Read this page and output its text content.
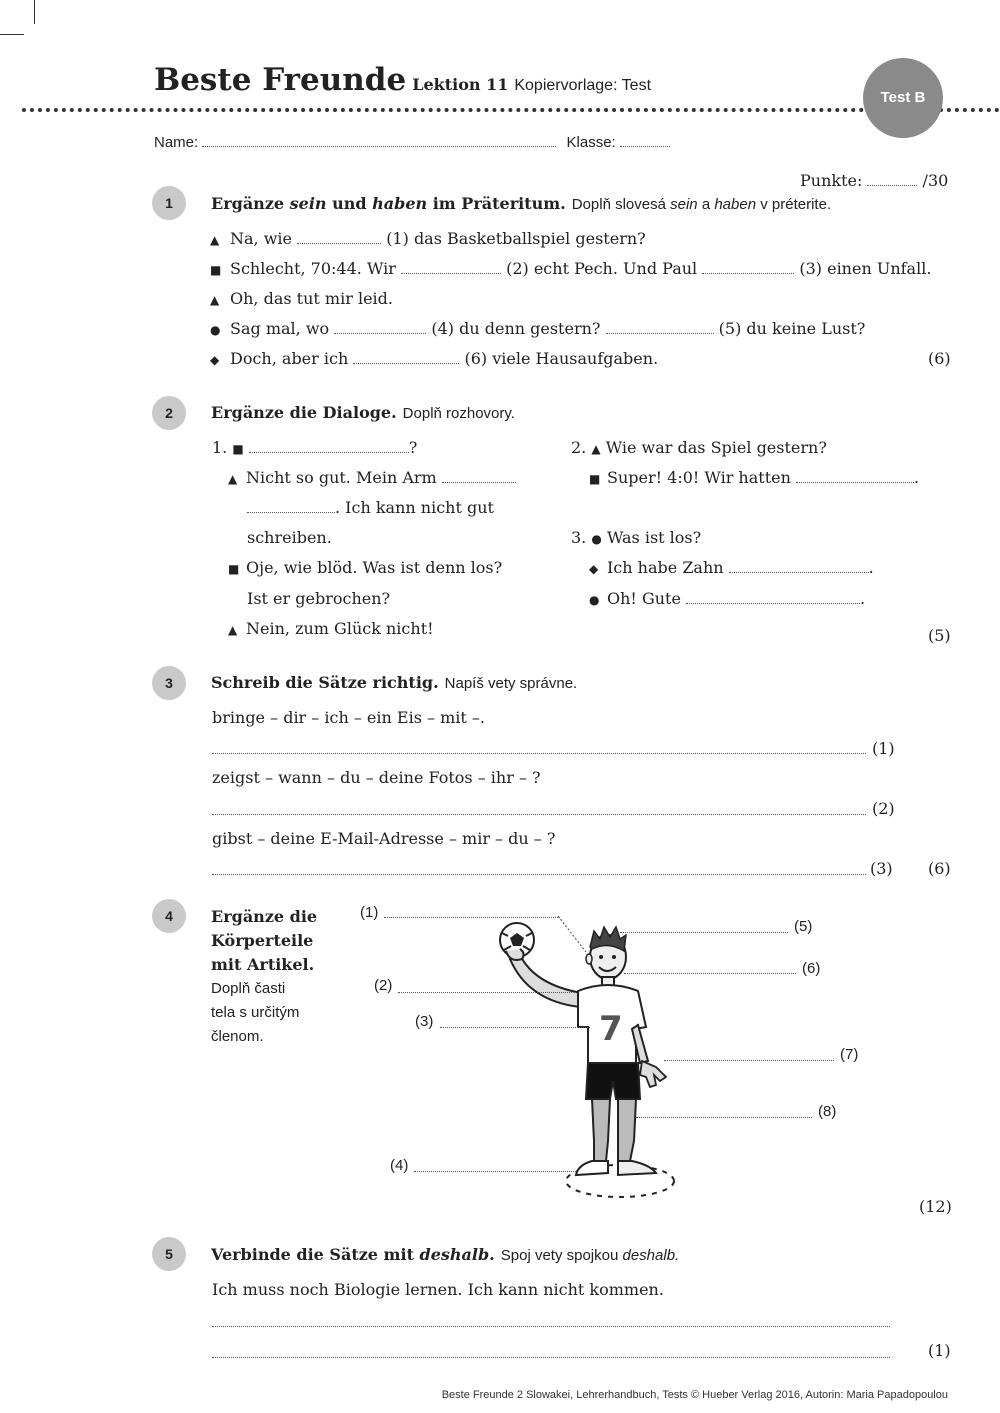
Beste Freunde Lektion 11 Kopiervorlage: Test
Test B
Name:	Klasse:
Punkte:	/30
1	Ergänze sein und haben im Präteritum. Doplň slovesá sein a haben v préterite.
▲ Na, wie	(1) das Basketballspiel gestern?
■ Schlecht, 70:44. Wir	(2) echt Pech. Und Paul	(3) einen Unfall.
▲ Oh, das tut mir leid.
● Sag mal, wo	(4) du denn gestern?	(5) du keine Lust?
◆ Doch, aber ich	(6) viele Hausaufgaben.	(6)
2	Ergänze die Dialoge. Doplň rozhovory.
1. ■	?
▲ Nicht so gut. Mein Arm
. Ich kann nicht gut
schreiben.
■ Oje, wie blöd. Was ist denn los?
Ist er gebrochen?
▲ Nein, zum Glück nicht!
2. ▲ Wie war das Spiel gestern?
■ Super! 4:0! Wir hatten	.
3. ● Was ist los?
◆ Ich habe Zahn	.
● Oh! Gute	.
(5)
3	Schreib die Sätze richtig. Napíš vety správne.
bringe – dir – ich – ein Eis – mit –.
(1)
zeigst – wann – du – deine Fotos – ihr – ?
(2)
gibst – deine E-Mail-Adresse – mir – du – ?
(3) (6)
4	Ergänze die
Körperteile
mit Artikel.
Doplň časti
tela s určitým
členom.	7
(1)
(2)
(3)
(4)
(5)
(6)
(7)
(8)
(12)
5	Verbinde die Sätze mit deshalb. Spoj vety spojkou deshalb.
Ich muss noch Biologie lernen. Ich kann nicht kommen.
(1)
Beste Freunde 2 Slowakei, Lehrerhandbuch, Tests © Hueber Verlag 2016, Autorin: Maria Papadopoulou
